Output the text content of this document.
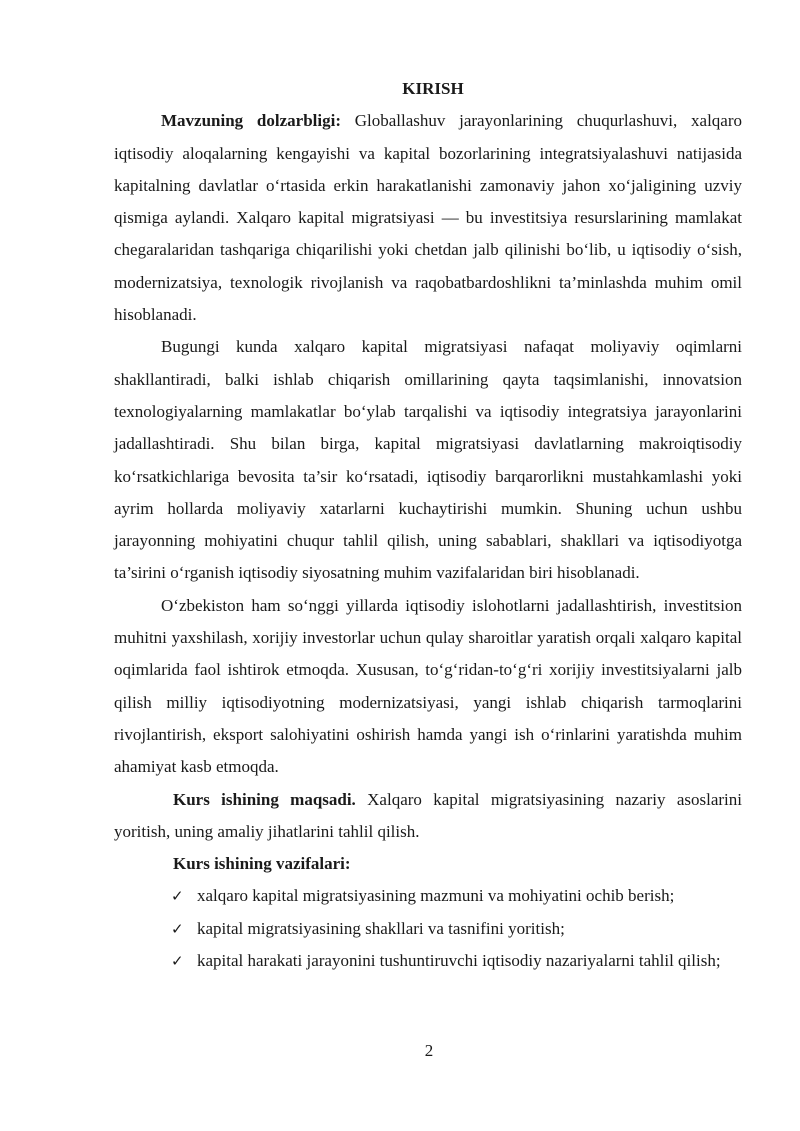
KIRISH

Mavzuning dolzarbligi: Globallashuv jarayonlarining chuqurlashuvi, xalqaro iqtisodiy aloqalarning kengayishi va kapital bozorlarining integratsiyalashuvi natijasida kapitalning davlatlar o‘rtasida erkin harakatlanishi zamonaviy jahon xo‘jaligining uzviy qismiga aylandi. Xalqaro kapital migratsiyasi — bu investitsiya resurslarining mamlakat chegaralaridan tashqariga chiqarilishi yoki chetdan jalb qilinishi bo‘lib, u iqtisodiy o‘sish, modernizatsiya, texnologik rivojlanish va raqobatbardoshlikni ta’minlashda muhim omil hisoblanadi.

Bugungi kunda xalqaro kapital migratsiyasi nafaqat moliyaviy oqimlarni shakllantiradi, balki ishlab chiqarish omillarining qayta taqsimlanishi, innovatsion texnologiyalarning mamlakatlar bo‘ylab tarqalishi va iqtisodiy integratsiya jarayonlarini jadallashtiradi. Shu bilan birga, kapital migratsiyasi davlatlarning makroiqtisodiy ko‘rsatkichlariga bevosita ta’sir ko‘rsatadi, iqtisodiy barqarorlikni mustahkamlashi yoki ayrim hollarda moliyaviy xatarlarni kuchaytirishi mumkin. Shuning uchun ushbu jarayonning mohiyatini chuqur tahlil qilish, uning sabablari, shakllari va iqtisodiyotga ta’sirini o‘rganish iqtisodiy siyosatning muhim vazifalaridan biri hisoblanadi.

O‘zbekiston ham so‘nggi yillarda iqtisodiy islohotlarni jadallashtirish, investitsion muhitni yaxshilash, xorijiy investorlar uchun qulay sharoitlar yaratish orqali xalqaro kapital oqimlarida faol ishtirok etmoqda. Xususan, to‘g‘ridan-to‘g‘ri xorijiy investitsiyalarni jalb qilish milliy iqtisodiyotning modernizatsiyasi, yangi ishlab chiqarish tarmoqlarini rivojlantirish, eksport salohiyatini oshirish hamda yangi ish o‘rinlarini yaratishda muhim ahamiyat kasb etmoqda.

Kurs ishining maqsadi. Xalqaro kapital migratsiyasining nazariy asoslarini yoritish, uning amaliy jihatlarini tahlil qilish.

Kurs ishining vazifalari:
✓ xalqaro kapital migratsiyasining mazmuni va mohiyatini ochib berish;
✓ kapital migratsiyasining shakllari va tasnifini yoritish;
✓ kapital harakati jarayonini tushuntiruvchi iqtisodiy nazariyalarni tahlil qilish;
2
